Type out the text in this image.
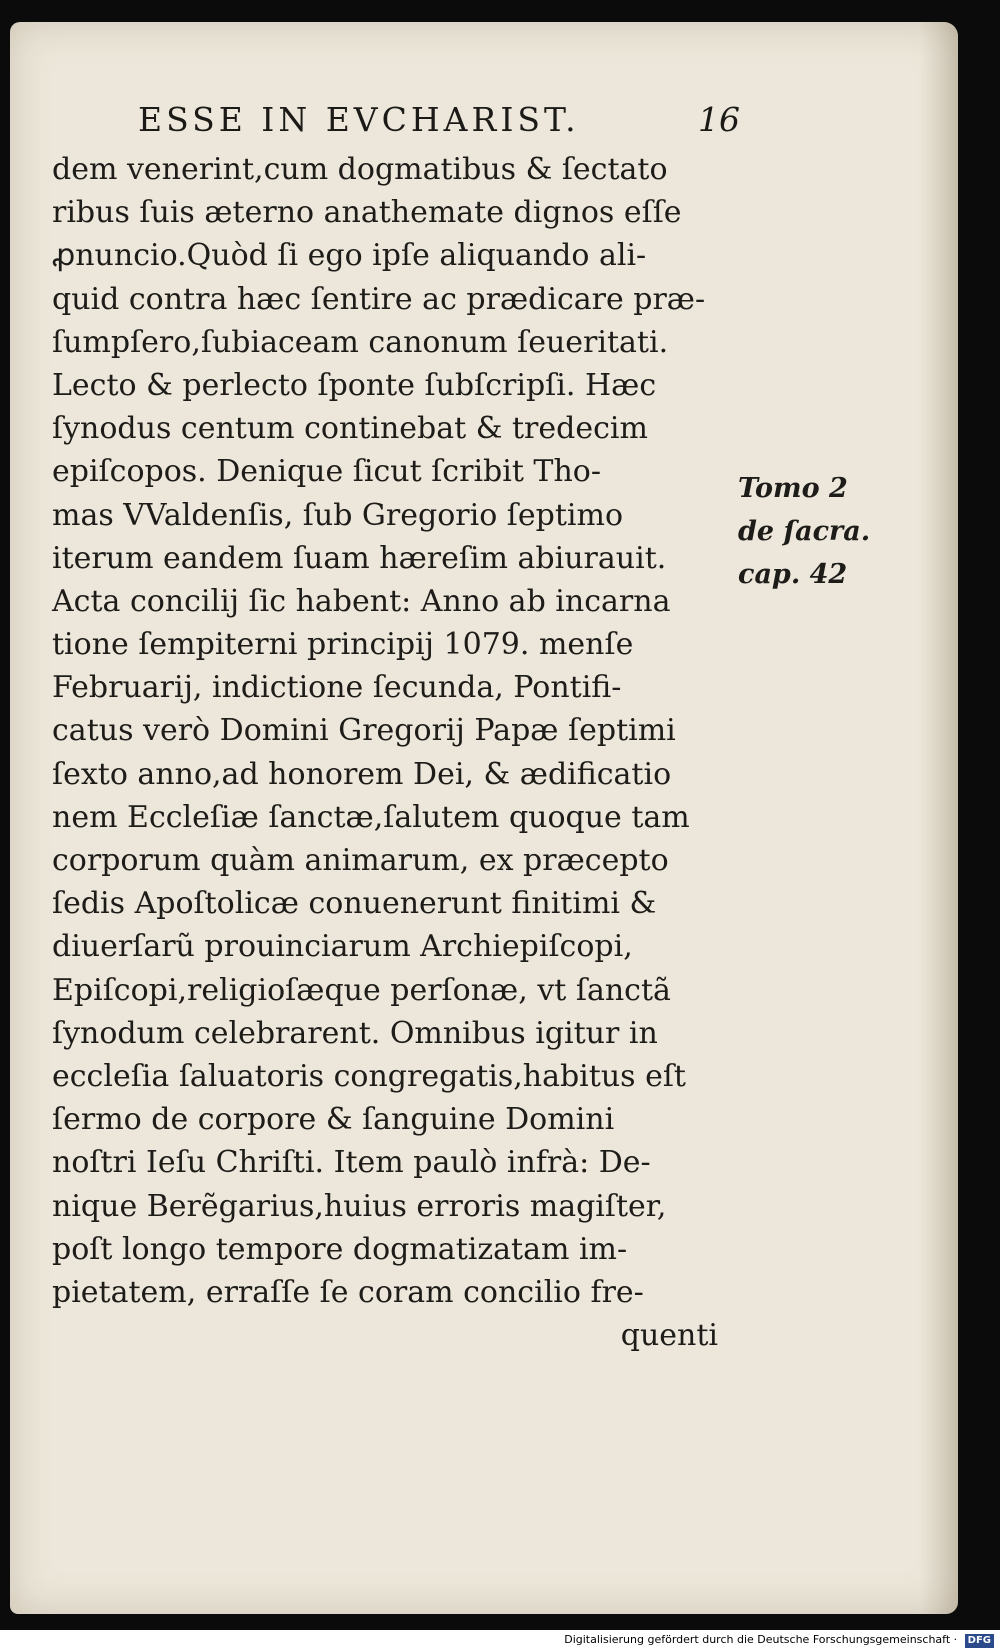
ESSE IN EVCHARIST.	16
dem venerint,cum dogmatibus & ſectato
ribus ſuis æterno anathemate dignos eſſe
ꝓnuncio.Quòd ſi ego ipſe aliquando ali-
quid contra hæc ſentire ac prædicare præ-
ſumpſero,ſubiaceam canonum ſeueritati.
Lecto & perlecto ſponte ſubſcripſi. Hæc
ſynodus centum continebat & tredecim
epiſcopos. Denique ſicut ſcribit Tho-
mas VValdenſis, ſub Gregorio ſeptimo
iterum eandem ſuam hæreſim abiurauit.
Acta concilij ſic habent: Anno ab incarna
tione ſempiterni principij 1079. menſe
Februarij, indictione ſecunda, Pontifi-
catus verò Domini Gregorij Papæ ſeptimi
ſexto anno,ad honorem Dei, & ædificatio
nem Eccleſiæ ſanctæ,ſalutem quoque tam
corporum quàm animarum, ex præcepto
ſedis Apoſtolicæ conuenerunt finitimi &
diuerſarũ prouinciarum Archiepiſcopi,
Epiſcopi,religioſæque perſonæ, vt ſanctã
ſynodum celebrarent. Omnibus igitur in
eccleſia ſaluatoris congregatis,habitus eſt
ſermo de corpore & ſanguine Domini
noſtri Ieſu Chriſti. Item paulò infrà: De-
nique Berẽgarius,huius erroris magiſter,
poſt longo tempore dogmatizatam im-
pietatem, erraſſe ſe coram concilio fre-
quenti
Tomo 2
de ſacra.
cap. 42
Digitalisierung gefördert durch die Deutsche Forschungsgemeinschaft · DFG
